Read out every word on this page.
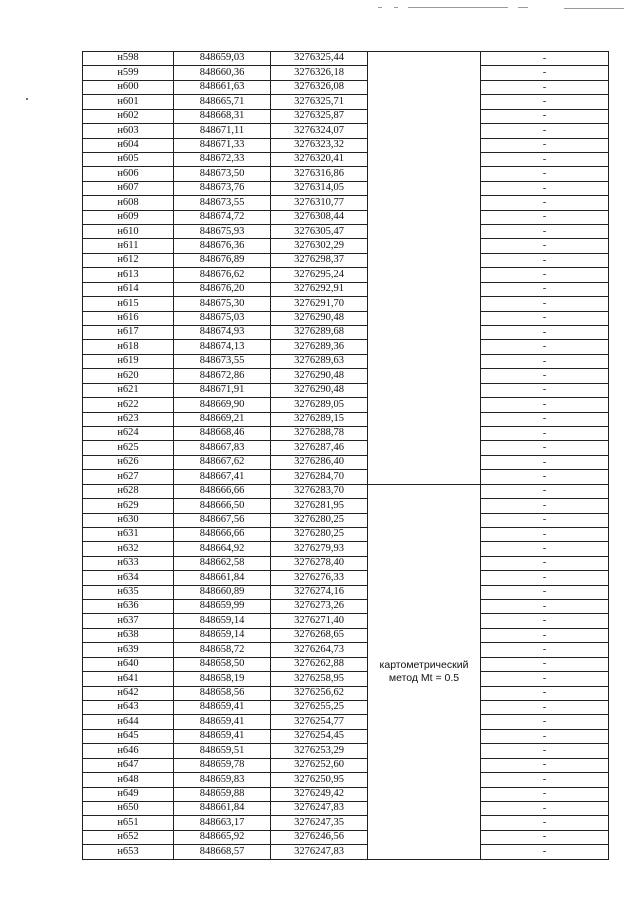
н598	848659,03	3276325,44		-
н599	848660,36	3276326,18		-
н600	848661,63	3276326,08		-
н601	848665,71	3276325,71		-
н602	848668,31	3276325,87		-
н603	848671,11	3276324,07		-
н604	848671,33	3276323,32		-
н605	848672,33	3276320,41		-
н606	848673,50	3276316,86		-
н607	848673,76	3276314,05		-
н608	848673,55	3276310,77		-
н609	848674,72	3276308,44		-
н610	848675,93	3276305,47		-
н611	848676,36	3276302,29		-
н612	848676,89	3276298,37		-
н613	848676,62	3276295,24		-
н614	848676,20	3276292,91		-
н615	848675,30	3276291,70		-
н616	848675,03	3276290,48		-
н617	848674,93	3276289,68		-
н618	848674,13	3276289,36		-
н619	848673,55	3276289,63		-
н620	848672,86	3276290,48		-
н621	848671,91	3276290,48		-
н622	848669,90	3276289,05		-
н623	848669,21	3276289,15		-
н624	848668,46	3276288,78		-
н625	848667,83	3276287,46		-
н626	848667,62	3276286,40		-
н627	848667,41	3276284,70		-
н628	848666,66	3276283,70	картометрический
метод Mt = 0.5	-
н629	848666,50	3276281,95		-
н630	848667,56	3276280,25		-
н631	848666,66	3276280,25		-
н632	848664,92	3276279,93		-
н633	848662,58	3276278,40		-
н634	848661,84	3276276,33		-
н635	848660,89	3276274,16		-
н636	848659,99	3276273,26		-
н637	848659,14	3276271,40		-
н638	848659,14	3276268,65		-
н639	848658,72	3276264,73		-
н640	848658,50	3276262,88		-
н641	848658,19	3276258,95		-
н642	848658,56	3276256,62		-
н643	848659,41	3276255,25		-
н644	848659,41	3276254,77		-
н645	848659,41	3276254,45		-
н646	848659,51	3276253,29		-
н647	848659,78	3276252,60		-
н648	848659,83	3276250,95		-
н649	848659,88	3276249,42		-
н650	848661,84	3276247,83		-
н651	848663,17	3276247,35		-
н652	848665,92	3276246,56		-
н653	848668,57	3276247,83		-
